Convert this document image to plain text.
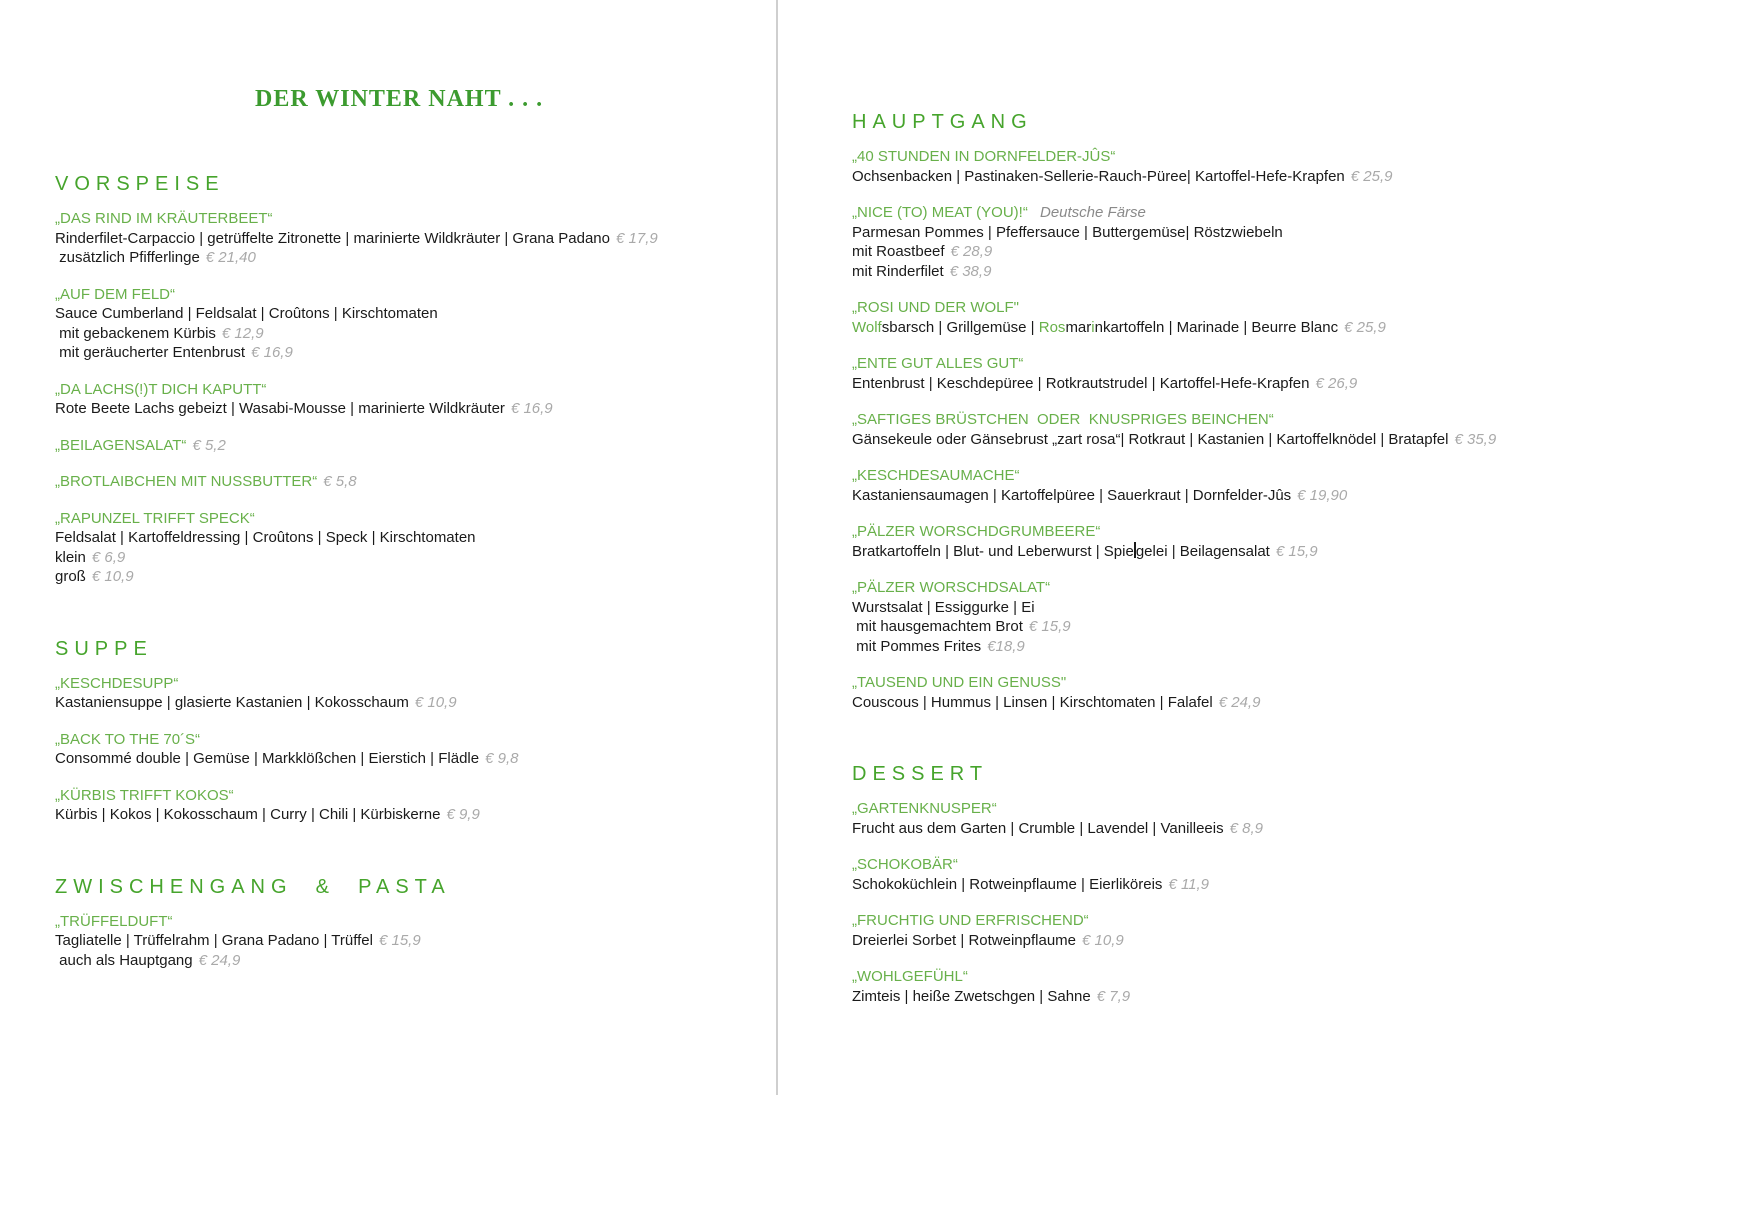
DER WINTER NAHT . . .
VORSPEISE
„DAS RIND IM KRÄUTERBEET“
Rinderfilet-Carpaccio | getrüffelte Zitronette | marinierte Wildkräuter | Grana Padano € 17,9
zusätzlich Pfifferlinge € 21,40
„AUF DEM FELD“
Sauce Cumberland | Feldsalat | Croûtons | Kirschtomaten
mit gebackenem Kürbis € 12,9
mit geräucherter Entenbrust € 16,9
„DA LACHS(!)T DICH KAPUTT“
Rote Beete Lachs gebeizt | Wasabi-Mousse | marinierte Wildkräuter € 16,9
„BEILAGENSALAT“ € 5,2
„BROTLAIBCHEN MIT NUSSBUTTER“ € 5,8
„RAPUNZEL TRIFFT SPECK“
Feldsalat | Kartoffeldressing | Croûtons | Speck | Kirschtomaten
klein € 6,9
groß € 10,9
SUPPE
„KESCHDESUPP“
Kastaniensuppe | glasierte Kastanien | Kokosschaum € 10,9
„BACK TO THE 70´S“
Consommé double | Gemüse | Markklößchen | Eierstich | Flädle € 9,8
„KÜRBIS TRIFFT KOKOS“
Kürbis | Kokos | Kokosschaum | Curry | Chili | Kürbiskerne € 9,9
ZWISCHENGANG  &  PASTA
„TRÜFFELDUFT“
Tagliatelle | Trüffelrahm | Grana Padano | Trüffel € 15,9
auch als Hauptgang € 24,9
HAUPTGANG
„40 STUNDEN IN DORNFELDER-JÛS“
Ochsenbacken | Pastinaken-Sellerie-Rauch-Püree| Kartoffel-Hefe-Krapfen € 25,9
„NICE (TO) MEAT (YOU)!“ Deutsche Färse
Parmesan Pommes | Pfeffersauce | Buttergemüse| Röstzwiebeln
mit Roastbeef € 28,9
mit Rinderfilet € 38,9
„ROSI UND DER WOLF"
Wolfsbarsch | Grillgemüse | Rosmarinkartoffeln | Marinade | Beurre Blanc € 25,9
„ENTE GUT ALLES GUT“
Entenbrust | Keschdepüree | Rotkrautstrudel | Kartoffel-Hefe-Krapfen € 26,9
„SAFTIGES BRÜSTCHEN  ODER  KNUSPRIGES BEINCHEN“
Gänsekeule oder Gänsebrust „zart rosa“| Rotkraut | Kastanien | Kartoffelknödel | Bratapfel € 35,9
„KESCHDESAUMACHE“
Kastaniensaumagen | Kartoffelpüree | Sauerkraut | Dornfelder-Jûs € 19,90
„PÄLZER WORSCHDGRUMBEERE“
Bratkartoffeln | Blut- und Leberwurst | Spie gelei | Beilagensalat € 15,9
„PÄLZER WORSCHDSALAT“
Wurstsalat | Essiggurke | Ei
mit hausgemachtem Brot € 15,9
mit Pommes Frites €18,9
„TAUSEND UND EIN GENUSS"
Couscous | Hummus | Linsen | Kirschtomaten | Falafel € 24,9
DESSERT
„GARTENKNUSPER“
Frucht aus dem Garten | Crumble | Lavendel | Vanilleeis € 8,9
„SCHOKOBÄR“
Schokoküchlein | Rotweinpflaume | Eierliköreis € 11,9
„FRUCHTIG UND ERFRISCHEND“
Dreierlei Sorbet | Rotweinpflaume € 10,9
„WOHLGEFÜHL“
Zimteis | heiße Zwetschgen | Sahne € 7,9
